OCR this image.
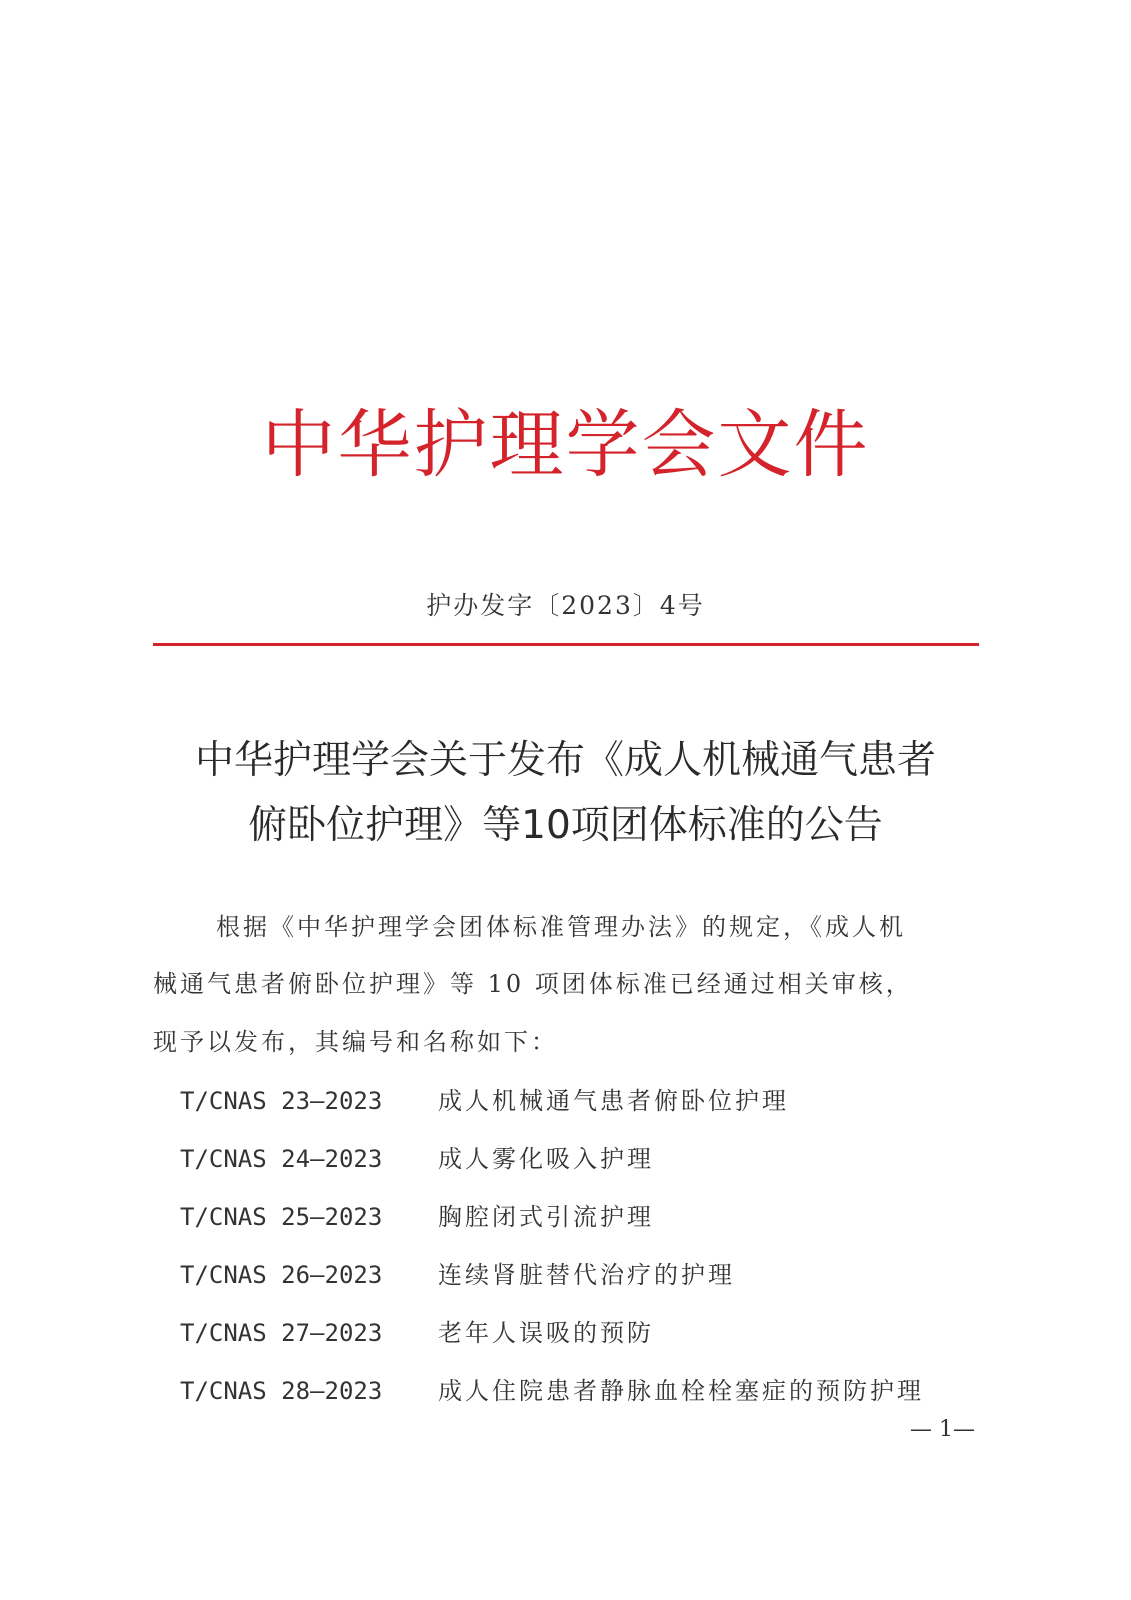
中华护理学会文件
护办发字〔2023〕4号
中华护理学会关于发布《成人机械通气患者
俯卧位护理》等10项团体标准的公告
根据《中华护理学会团体标准管理办法》的规定，《成人机
械通气患者俯卧位护理》等 10 项团体标准已经通过相关审核，
现予以发布，其编号和名称如下：
T/CNAS 23—2023 成人机械通气患者俯卧位护理
T/CNAS 24—2023 成人雾化吸入护理
T/CNAS 25—2023 胸腔闭式引流护理
T/CNAS 26—2023 连续肾脏替代治疗的护理
T/CNAS 27—2023 老年人误吸的预防
T/CNAS 28—2023 成人住院患者静脉血栓栓塞症的预防护理
— 1—
